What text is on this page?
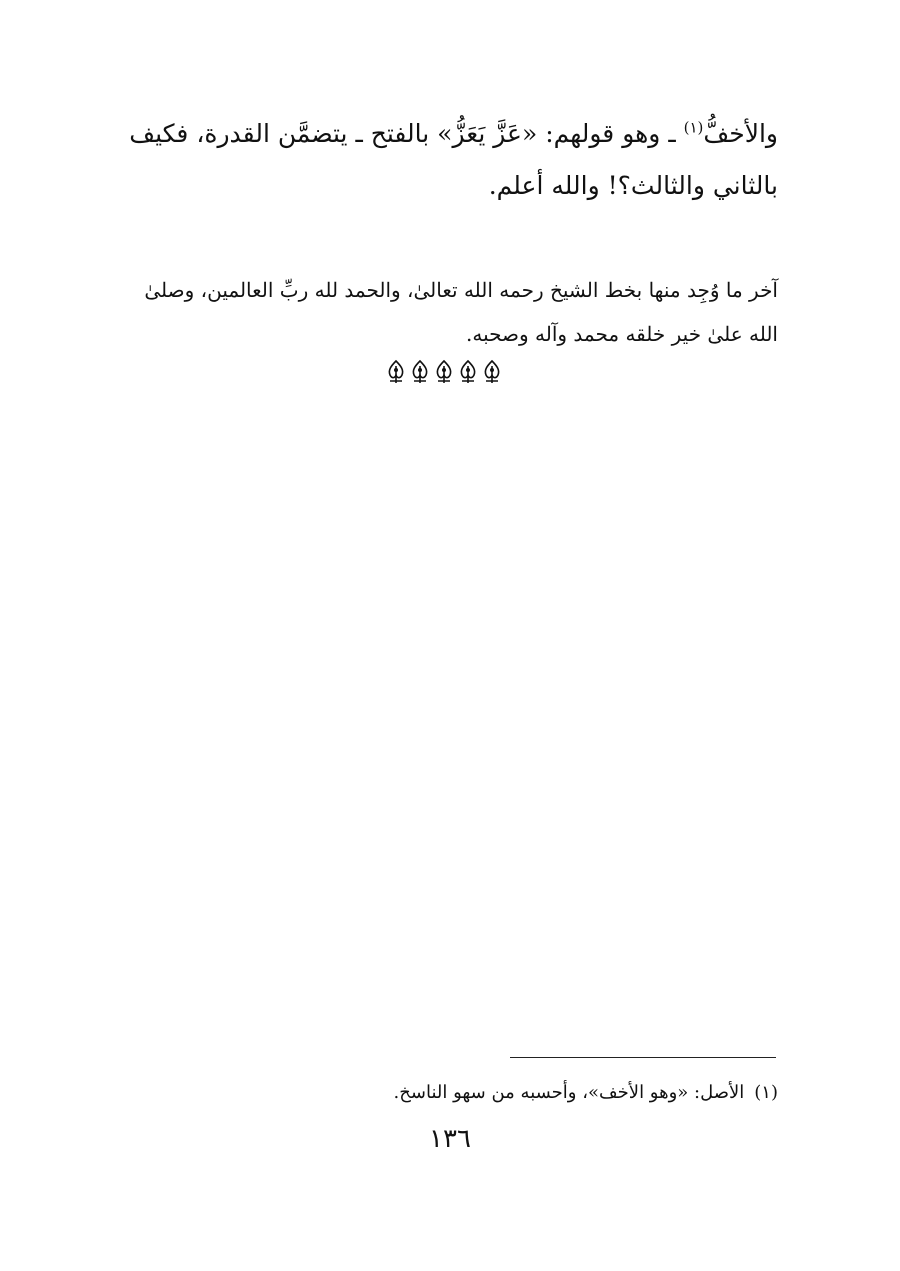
والأخفُّ$^{(١)}$ ـ وهو قولهم: «عَزَّ يَعَزُّ» بالفتح ـ يتضمَّن القدرة، فكيف
بالثاني والثالث؟! والله أعلم.
آخر ما وُجِد منها بخط الشيخ رحمه الله تعالىٰ، والحمد لله ربِّ العالمين، وصلىٰ
الله علىٰ خير خلقه محمد وآله وصحبه.
(١)الأصل: «وهو الأخف»، وأحسبه من سهو الناسخ.
١٣٦
